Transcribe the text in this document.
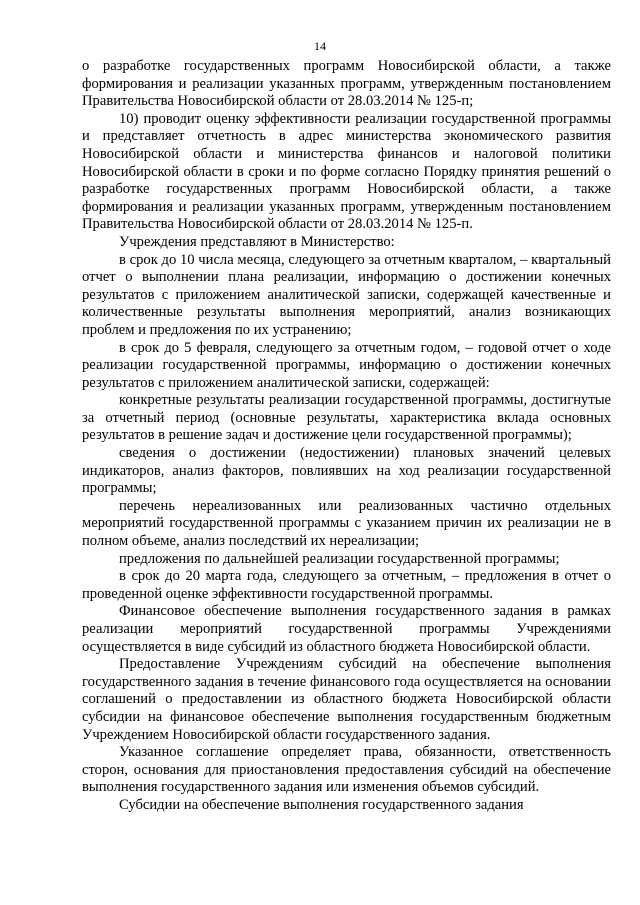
14

о разработке государственных программ Новосибирской области, а также формирования и реализации указанных программ, утвержденным постановлением Правительства Новосибирской области от 28.03.2014 № 125-п;

10) проводит оценку эффективности реализации государственной программы и представляет отчетность в адрес министерства экономического развития Новосибирской области и министерства финансов и налоговой политики Новосибирской области в сроки и по форме согласно Порядку принятия решений о разработке государственных программ Новосибирской области, а также формирования и реализации указанных программ, утвержденным постановлением Правительства Новосибирской области от 28.03.2014 № 125-п.

Учреждения представляют в Министерство:

в срок до 10 числа месяца, следующего за отчетным кварталом, – квартальный отчет о выполнении плана реализации, информацию о достижении конечных результатов с приложением аналитической записки, содержащей качественные и количественные результаты выполнения мероприятий, анализ возникающих проблем и предложения по их устранению;

в срок до 5 февраля, следующего за отчетным годом, – годовой отчет о ходе реализации государственной программы, информацию о достижении конечных результатов с приложением аналитической записки, содержащей:

конкретные результаты реализации государственной программы, достигнутые за отчетный период (основные результаты, характеристика вклада основных результатов в решение задач и достижение цели государственной программы);

сведения о достижении (недостижении) плановых значений целевых индикаторов, анализ факторов, повлиявших на ход реализации государственной программы;

перечень нереализованных или реализованных частично отдельных мероприятий государственной программы с указанием причин их реализации не в полном объеме, анализ последствий их нереализации;

предложения по дальнейшей реализации государственной программы;

в срок до 20 марта года, следующего за отчетным, – предложения в отчет о проведенной оценке эффективности государственной программы.

Финансовое обеспечение выполнения государственного задания в рамках реализации мероприятий государственной программы Учреждениями осуществляется в виде субсидий из областного бюджета Новосибирской области.

Предоставление Учреждениям субсидий на обеспечение выполнения государственного задания в течение финансового года осуществляется на основании соглашений о предоставлении из областного бюджета Новосибирской области субсидии на финансовое обеспечение выполнения государственным бюджетным Учреждением Новосибирской области государственного задания.

Указанное соглашение определяет права, обязанности, ответственность сторон, основания для приостановления предоставления субсидий на обеспечение выполнения государственного задания или изменения объемов субсидий.

Субсидии на обеспечение выполнения государственного задания
